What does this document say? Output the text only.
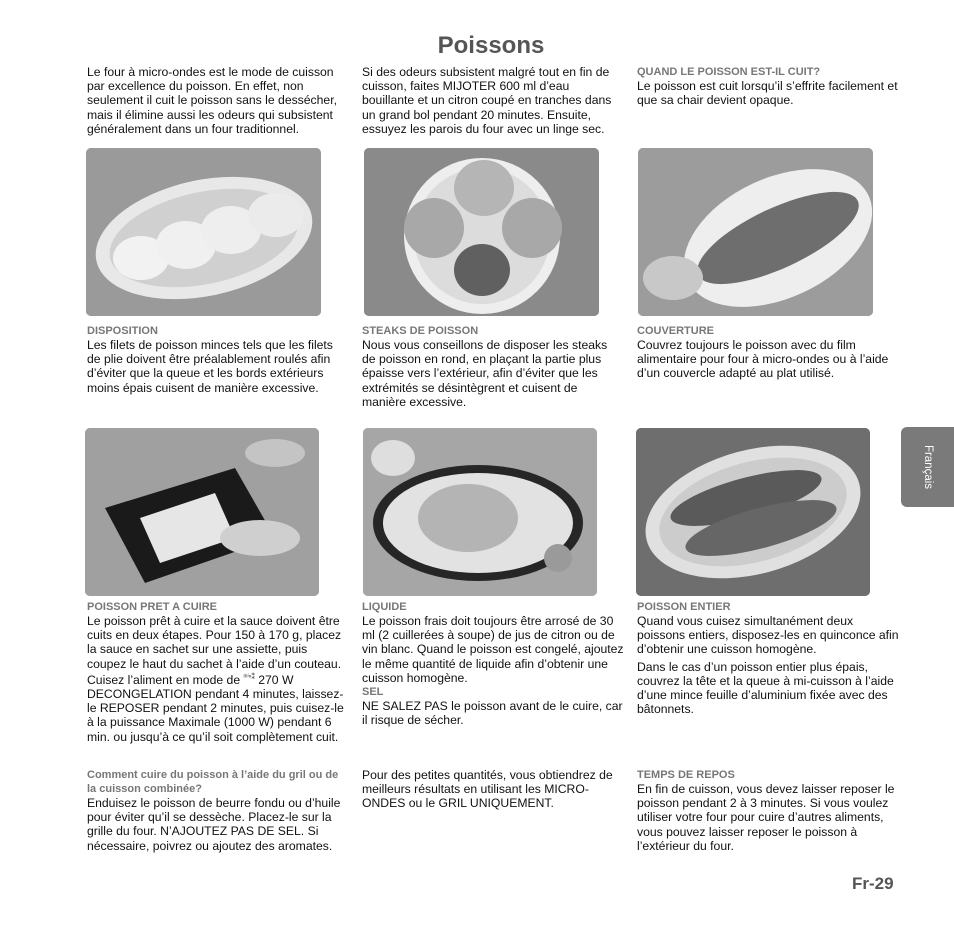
Poissons
Le four à micro-ondes est le mode de cuisson par excellence du poisson. En effet, non seulement il cuit le poisson sans le dessécher, mais il élimine aussi les odeurs qui subsistent généralement dans un four traditionnel.
Si des odeurs subsistent malgré tout en fin de cuisson, faites MIJOTER 600 ml d’eau bouillante et un citron coupé en tranches dans un grand bol pendant 20 minutes. Ensuite, essuyez les parois du four avec un linge sec.
QUAND LE POISSON EST-IL CUIT?
Le poisson est cuit lorsqu’il s’effrite facilement et que sa chair devient opaque.
DISPOSITION
Les filets de poisson minces tels que les filets de plie doivent être préalablement roulés afin d’éviter que la queue et les bords extérieurs moins épais cuisent de manière excessive.
STEAKS DE POISSON
Nous vous conseillons de disposer les steaks de poisson en rond, en plaçant la partie plus épaisse vers l’extérieur, afin d’éviter que les extrémités se désintègrent et cuisent de manière excessive.
COUVERTURE
Couvrez toujours le poisson avec du film alimentaire pour four à micro-ondes ou à l’aide d’un couvercle adapté au plat utilisé.
POISSON PRET A CUIRE
Le poisson prêt à cuire et la sauce doivent être cuits en deux étapes. Pour 150 à 170 g, placez la sauce en sachet sur une assiette, puis coupez le haut du sachet à l’aide d’un couteau. Cuisez l’aliment en mode de $^{ᵐ^{in}⁑}$ 270 W DECONGELATION pendant 4 minutes, laissez-le REPOSER pendant 2 minutes, puis cuisez-le à la puissance Maximale (1000 W) pendant 6 min. ou jusqu’à ce qu’il soit complètement cuit.
LIQUIDE
Le poisson frais doit toujours être arrosé de 30 ml (2 cuillerées à soupe) de jus de citron ou de vin blanc. Quand le poisson est congelé, ajoutez le même quantité de liquide afin d’obtenir une cuisson homogène.
SEL
NE SALEZ PAS le poisson avant de le cuire, car il risque de sécher.
POISSON ENTIER
Quand vous cuisez simultanément deux poissons entiers, disposez-les en quinconce afin d’obtenir une cuisson homogène.
Dans le cas d’un poisson entier plus épais, couvrez la tête et la queue à mi-cuisson à l’aide d’une mince feuille d’aluminium fixée avec des bâtonnets.
Comment cuire du poisson à l’aide du gril ou de la cuisson combinée?
Enduisez le poisson de beurre fondu ou d’huile pour éviter qu’il se dessèche. Placez-le sur la grille du four. N’AJOUTEZ PAS DE SEL. Si nécessaire, poivrez ou ajoutez des aromates.
Pour des petites quantités, vous obtiendrez de meilleurs résultats en utilisant les MICRO-ONDES ou le GRIL UNIQUEMENT.
TEMPS DE REPOS
En fin de cuisson, vous devez laisser reposer le poisson pendant 2 à 3 minutes. Si vous voulez utiliser votre four pour cuire d’autres aliments, vous pouvez laisser reposer le poisson à l’extérieur du four.
Français
Fr-29
